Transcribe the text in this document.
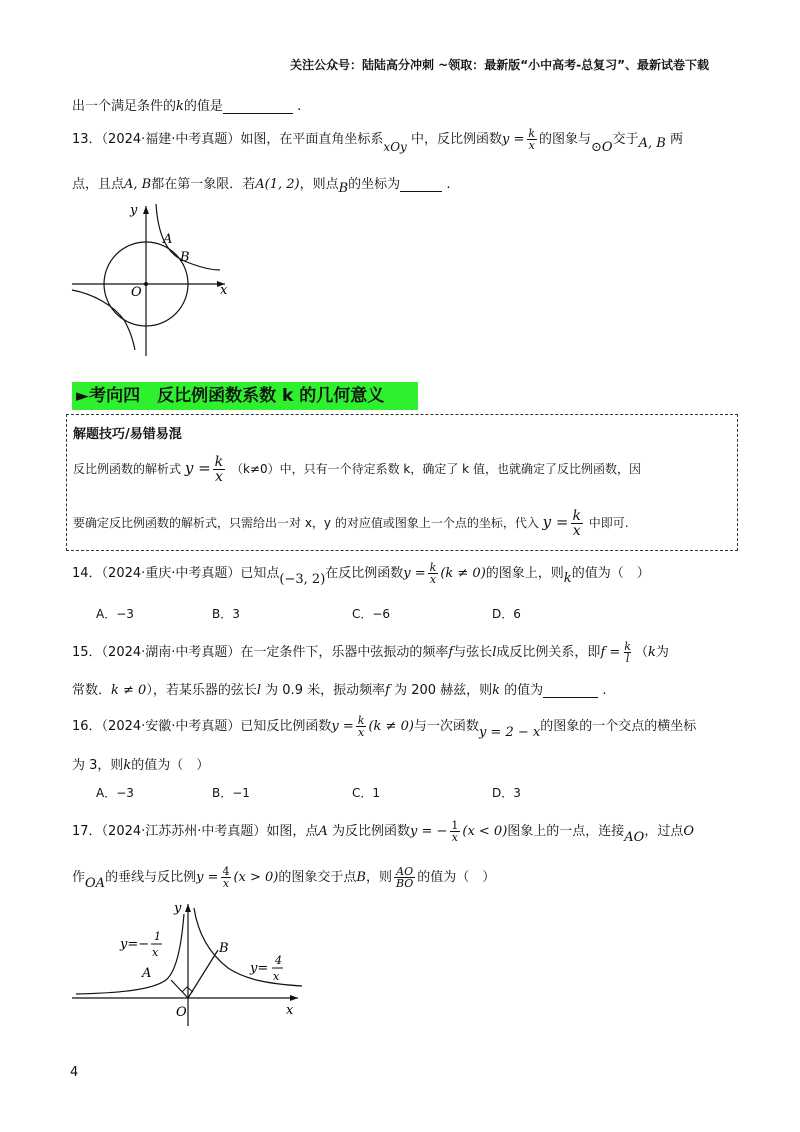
关注公众号：陆陆高分冲刺 ~领取：最新版“小中高考-总复习”、最新试卷下载
出一个满足条件的k的值是	.
13．（2024·福建·中考真题）如图，在平面直角坐标系xOy 中，反比例函数$y = \frac{k}{x}$ 的图象与⊙O交于A, B 两
点，且点A, B都在第一象限．若A(1, 2)，则点B的坐标为	.
y
x
O
A
B
►考向四　反比例函数系数 k 的几何意义
解题技巧/易错易混
反比例函数的解析式 $y = \frac{k}{x} (k\ne 0)$中，只有一个待定系数 k，确定了 k 值，也就确定了反比例函数，因
要确定反比例函数的解析式，只需给出一对 x，y 的对应值或图象上一个点的坐标，代入 $y = \frac{k}{x}$ 中即可.
14．（2024·重庆·中考真题）已知点(−3, 2)在反比例函数$y = \frac{k}{x} (k \ne 0)$的图象上，则k的值为（　）
A．−3	B．3	C．−6	D．6
15．（2024·湖南·中考真题）在一定条件下，乐器中弦振动的频率f与弦长l成反比例关系，即$f = \frac{k}{l} (k$为
常数．k ≠ 0），若某乐器的弦长l 为 0.9 米，振动频率f 为 200 赫兹，则k 的值为	.
16．（2024·安徽·中考真题）已知反比例函数$y = \frac{k}{x} (k \ne 0)$与一次函数y = 2 − x的图象的一个交点的横坐标
为 3，则k的值为（　）
A．−3	B．−1	C．1	D．3
17．（2024·江苏苏州·中考真题）如图，点A 为反比例函数y = − $\frac{1}{x} (x < 0)$图象上的一点，连接AO，过点O
作OA的垂线与反比例$y = \frac{4}{x} (x > 0)$的图象交于点B，则 $\frac{AO}{BO}$ 的值为（　）
y
x
O
A
B
y=−
1
x
y=
4
x
4
